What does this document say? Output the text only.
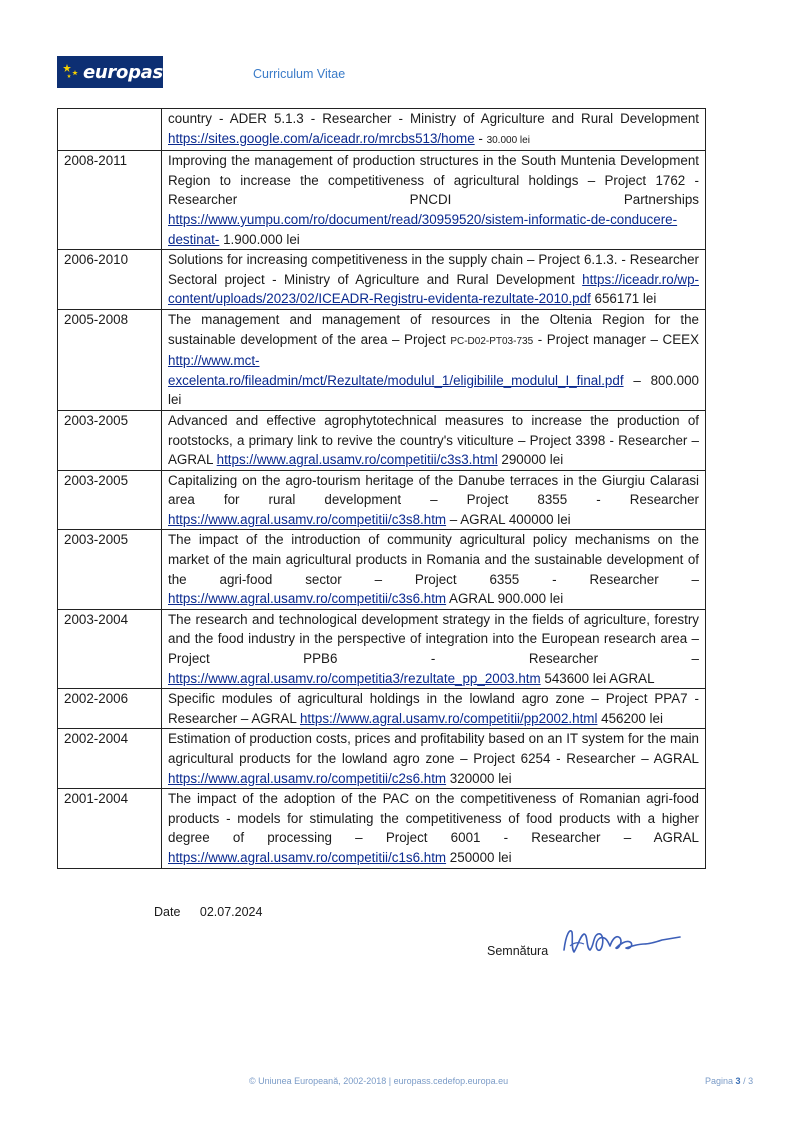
europass	Curriculum Vitae
	country - ADER 5.1.3 - Researcher - Ministry of Agriculture and Rural Development https://sites.google.com/a/iceadr.ro/mrcbs513/home - 30.000 lei
2008-2011	Improving the management of production structures in the South Muntenia Development Region to increase the competitiveness of agricultural holdings – Project 1762 - Researcher PNCDI Partnerships https://www.yumpu.com/ro/document/read/30959520/sistem-informatic-de-conducere-destinat- 1.900.000 lei
2006-2010	Solutions for increasing competitiveness in the supply chain – Project 6.1.3. - Researcher Sectoral project - Ministry of Agriculture and Rural Development https://iceadr.ro/wp-content/uploads/2023/02/ICEADR-Registru-evidenta-rezultate-2010.pdf 656171 lei
2005-2008	The management and management of resources in the Oltenia Region for the sustainable development of the area – Project PC-D02-PT03-735 - Project manager – CEEX http://www.mct-excelenta.ro/fileadmin/mct/Rezultate/modulul_1/eligibilile_modulul_I_final.pdf – 800.000 lei
2003-2005	Advanced and effective agrophytotechnical measures to increase the production of rootstocks, a primary link to revive the country's viticulture – Project 3398 - Researcher – AGRAL https://www.agral.usamv.ro/competitii/c3s3.html 290000 lei
2003-2005	Capitalizing on the agro-tourism heritage of the Danube terraces in the Giurgiu Calarasi area for rural development – Project 8355 - Researcher https://www.agral.usamv.ro/competitii/c3s8.htm – AGRAL 400000 lei
2003-2005	The impact of the introduction of community agricultural policy mechanisms on the market of the main agricultural products in Romania and the sustainable development of the agri-food sector – Project 6355 - Researcher – https://www.agral.usamv.ro/competitii/c3s6.htm AGRAL 900.000 lei
2003-2004	The research and technological development strategy in the fields of agriculture, forestry and the food industry in the perspective of integration into the European research area – Project PPB6 - Researcher – https://www.agral.usamv.ro/competitia3/rezultate_pp_2003.htm 543600 lei AGRAL
2002-2006	Specific modules of agricultural holdings in the lowland agro zone – Project PPA7 - Researcher – AGRAL https://www.agral.usamv.ro/competitii/pp2002.html 456200 lei
2002-2004	Estimation of production costs, prices and profitability based on an IT system for the main agricultural products for the lowland agro zone – Project 6254 - Researcher – AGRAL https://www.agral.usamv.ro/competitii/c2s6.htm 320000 lei
2001-2004	The impact of the adoption of the PAC on the competitiveness of Romanian agri-food products - models for stimulating the competitiveness of food products with a higher degree of processing – Project 6001 - Researcher – AGRAL https://www.agral.usamv.ro/competitii/c1s6.htm 250000 lei
Date 02.07.2024
Semnătura
© Uniunea Europeană, 2002-2018 | europass.cedefop.europa.eu	Pagina 3 / 3
